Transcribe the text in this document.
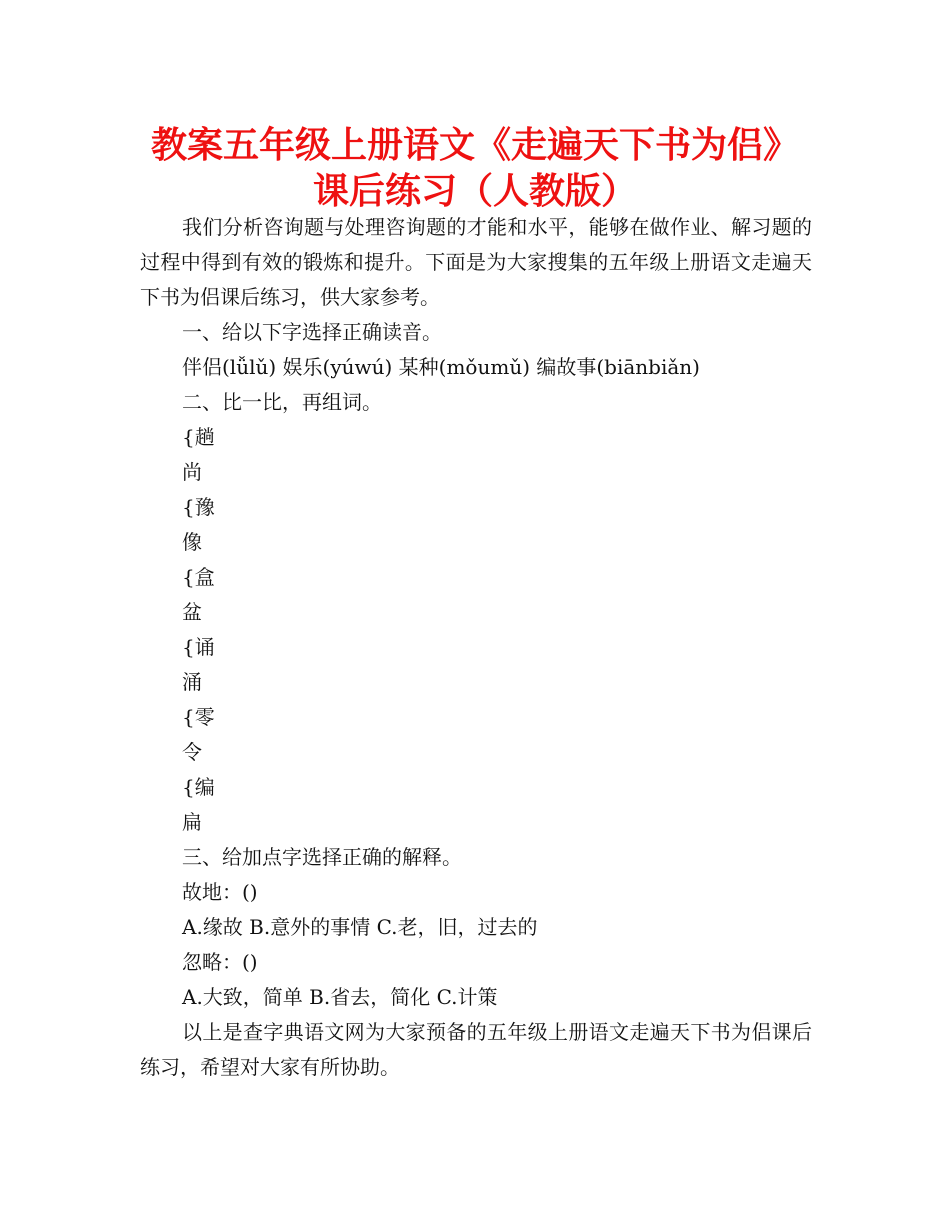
教案五年级上册语文《走遍天下书为侣》
课后练习（人教版）

我们分析咨询题与处理咨询题的才能和水平，能够在做作业、解习题的过程中得到有效的锻炼和提升。下面是为大家搜集的五年级上册语文走遍天下书为侣课后练习，供大家参考。

一、给以下字选择正确读音。

伴侣(lǚlǔ) 娱乐(yúwú) 某种(mǒumǔ) 编故事(biānbiǎn)

二、比一比，再组词。

{趟

尚

{豫

像

{盒

盆

{诵

涌

{零

令

{编

扁

三、给加点字选择正确的解释。

故地：()

A.缘故 B.意外的事情 C.老，旧，过去的

忽略：()

A.大致，简单 B.省去，简化 C.计策

以上是查字典语文网为大家预备的五年级上册语文走遍天下书为侣课后练习，希望对大家有所协助。
